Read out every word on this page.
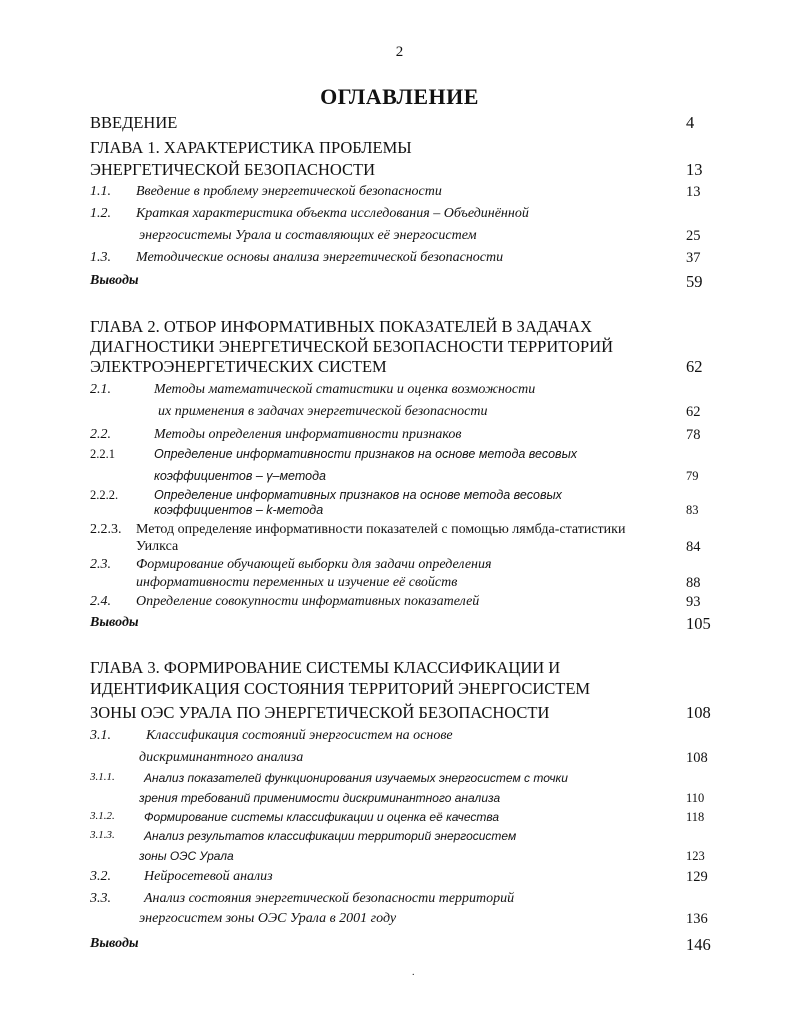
2
ОГЛАВЛЕНИЕ
ВВЕДЕНИЕ	4
ГЛАВА 1. ХАРАКТЕРИСТИКА ПРОБЛЕМЫ
ЭНЕРГЕТИЧЕСКОЙ БЕЗОПАСНОСТИ	13
1.1. Введение в проблему энергетической безопасности	13
1.2. Краткая характеристика объекта исследования – Объединённой
энергосистемы Урала и составляющих её энергосистем	25
1.3. Методические основы анализа энергетической безопасности	37
Выводы	59
ГЛАВА 2. ОТБОР ИНФОРМАТИВНЫХ ПОКАЗАТЕЛЕЙ В ЗАДАЧАХ
ДИАГНОСТИКИ ЭНЕРГЕТИЧЕСКОЙ БЕЗОПАСНОСТИ ТЕРРИТОРИЙ
ЭЛЕКТРОЭНЕРГЕТИЧЕСКИХ СИСТЕМ	62
2.1.	Методы математической статистики и оценка возможности
их применения в задачах энергетической безопасности	62
2.2.	Методы определения информативности признаков	78
2.2.1	Определение информативности признаков на основе метода весовых
коэффициентов – γ–метода	79
2.2.2.	Определение информативных признаков на основе метода весовых
коэффициентов – k-метода	83
2.2.3. Метод определеняе информативности показателей с помощью лямбда-статистики
Уилкса	84
2.3. Формирование обучающей выборки для задачи определения
информативности переменных и изучение её свойств	88
2.4. Определение совокупности информативных показателей	93
Выводы	105
ГЛАВА 3. ФОРМИРОВАНИЕ СИСТЕМЫ КЛАССИФИКАЦИИ И
ИДЕНТИФИКАЦИЯ СОСТОЯНИЯ ТЕРРИТОРИЙ ЭНЕРГОСИСТЕМ
ЗОНЫ ОЭС УРАЛА ПО ЭНЕРГЕТИЧЕСКОЙ БЕЗОПАСНОСТИ	108
3.1.	Классификация состояний энергосистем на основе
дискриминантного анализа	108
3.1.1. Анализ показателей функционирования изучаемых энергосистем с точки
зрения требований применимости дискриминантного анализа	110
3.1.2. Формирование системы классификации и оценка её качества	118
3.1.3. Анализ результатов классификации территорий энергосистем
зоны ОЭС Урала	123
3.2. Нейросетевой анализ	129
3.3. Анализ состояния энергетической безопасности территорий
энергосистем зоны ОЭС Урала в 2001 году	136
Выводы	146
.
